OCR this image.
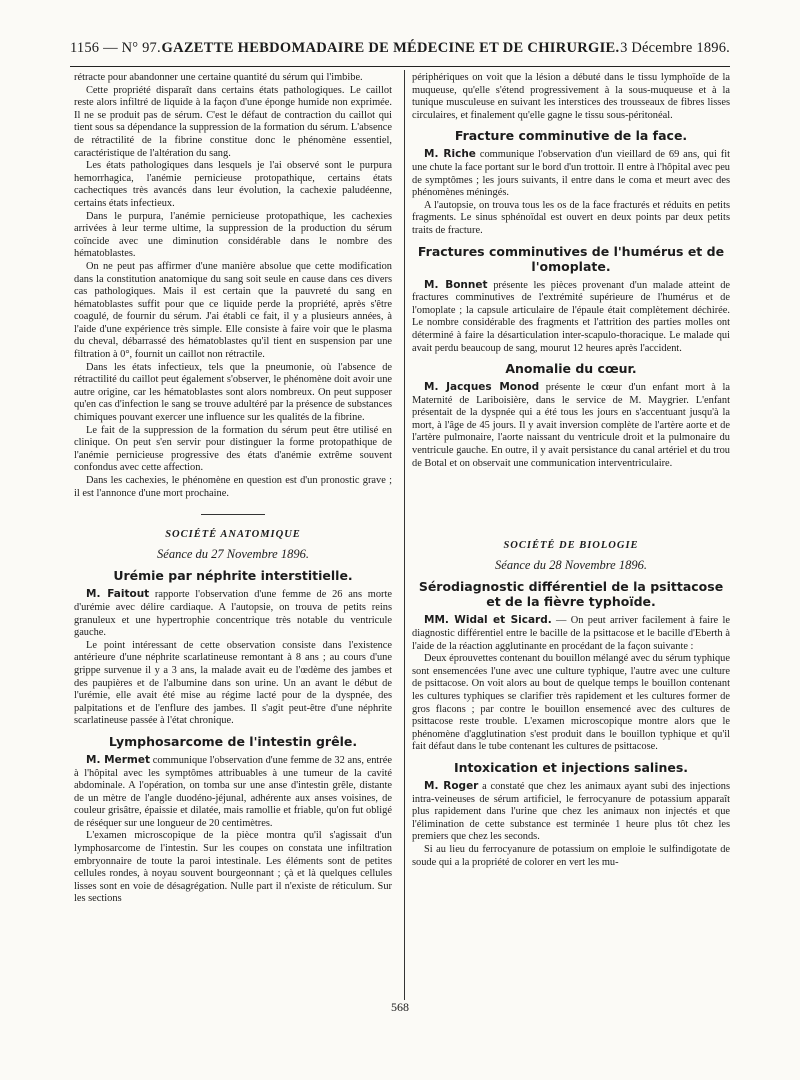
1156 — N° 97. GAZETTE HEBDOMADAIRE DE MÉDECINE ET DE CHIRURGIE. 3 Décembre 1896.

rétracte pour abandonner une certaine quantité du sérum qui l'imbibe.

Cette propriété disparaît dans certains états pathologiques. Le caillot reste alors infiltré de liquide à la façon d'une éponge humide non exprimée. Il ne se produit pas de sérum. C'est le défaut de contraction du caillot qui tient sous sa dépendance la suppression de la formation du sérum. L'absence de rétractilité de la fibrine constitue donc le phénomène essentiel, caractéristique de l'altération du sang.

Les états pathologiques dans lesquels je l'ai observé sont le purpura hemorrhagica, l'anémie pernicieuse protopathique, certains états cachectiques très avancés dans leur évolution, la cachexie paludéenne, certains états infectieux.

Dans le purpura, l'anémie pernicieuse protopathique, les cachexies arrivées à leur terme ultime, la suppression de la production du sérum coïncide avec une diminution considérable dans le nombre des hématoblastes.

On ne peut pas affirmer d'une manière absolue que cette modification dans la constitution anatomique du sang soit seule en cause dans ces divers cas pathologiques. Mais il est certain que la pauvreté du sang en hématoblastes suffit pour que ce liquide perde la propriété, après s'être coagulé, de fournir du sérum. J'ai établi ce fait, il y a plusieurs années, à l'aide d'une expérience très simple. Elle consiste à faire voir que le plasma du cheval, débarrassé des hématoblastes qu'il tient en suspension par une filtration à 0°, fournit un caillot non rétractile.

Dans les états infectieux, tels que la pneumonie, où l'absence de rétractilité du caillot peut également s'observer, le phénomène doit avoir une autre origine, car les hématoblastes sont alors nombreux. On peut supposer qu'en cas d'infection le sang se trouve adultéré par la présence de substances chimiques pouvant exercer une influence sur les qualités de la fibrine.

Le fait de la suppression de la formation du sérum peut être utilisé en clinique. On peut s'en servir pour distinguer la forme protopathique de l'anémie pernicieuse progressive des états d'anémie extrême souvent confondus avec cette affection.

Dans les cachexies, le phénomène en question est d'un pronostic grave ; il est l'annonce d'une mort prochaine.

SOCIÉTÉ ANATOMIQUE
Séance du 27 Novembre 1896.
Urémie par néphrite interstitielle.

M. Faitout rapporte l'observation d'une femme de 26 ans morte d'urémie avec délire cardiaque. A l'autopsie, on trouva de petits reins granuleux et une hypertrophie concentrique très notable du ventricule gauche.

Le point intéressant de cette observation consiste dans l'existence antérieure d'une néphrite scarlatineuse remontant à 8 ans ; au cours d'une grippe survenue il y a 3 ans, la malade avait eu de l'œdème des jambes et des paupières et de l'albumine dans son urine. Un an avant le début de l'urémie, elle avait été mise au régime lacté pour de la dyspnée, des palpitations et de l'enflure des jambes. Il s'agit peut-être d'une néphrite scarlatineuse passée à l'état chronique.

Lymphosarcome de l'intestin grêle.

M. Mermet communique l'observation d'une femme de 32 ans, entrée à l'hôpital avec les symptômes attribuables à une tumeur de la cavité abdominale. A l'opération, on tomba sur une anse d'intestin grêle, distante de un mètre de l'angle duodéno-jéjunal, adhérente aux anses voisines, de couleur grisâtre, épaissie et dilatée, mais ramollie et friable, qu'on fut obligé de réséquer sur une longueur de 20 centimètres.

L'examen microscopique de la pièce montra qu'il s'agissait d'un lymphosarcome de l'intestin. Sur les coupes on constata une infiltration embryonnaire de toute la paroi intestinale. Les éléments sont de petites cellules rondes, à noyau souvent bourgeonnant ; çà et là quelques cellules lisses sont en voie de désagrégation. Nulle part il n'existe de réticulum. Sur les sections

périphériques on voit que la lésion a débuté dans le tissu lymphoïde de la muqueuse, qu'elle s'étend progressivement à la sous-muqueuse et à la tunique musculeuse en suivant les interstices des trousseaux de fibres lisses circulaires, et finalement qu'elle gagne le tissu sous-péritonéal.

Fracture comminutive de la face.

M. Riche communique l'observation d'un vieillard de 69 ans, qui fit une chute la face portant sur le bord d'un trottoir. Il entre à l'hôpital avec peu de symptômes ; les jours suivants, il entre dans le coma et meurt avec des phénomènes méningés.

A l'autopsie, on trouva tous les os de la face fracturés et réduits en petits fragments. Le sinus sphénoïdal est ouvert en deux points par deux petits traits de fracture.

Fractures comminutives de l'humérus et de l'omoplate.

M. Bonnet présente les pièces provenant d'un malade atteint de fractures comminutives de l'extrémité supérieure de l'humérus et de l'omoplate ; la capsule articulaire de l'épaule était complètement déchirée. Le nombre considérable des fragments et l'attrition des parties molles ont déterminé à faire la désarticulation inter-scapulo-thoracique. Le malade qui avait perdu beaucoup de sang, mourut 12 heures après l'accident.

Anomalie du cœur.

M. Jacques Monod présente le cœur d'un enfant mort à la Maternité de Lariboisière, dans le service de M. Maygrier. L'enfant présentait de la dyspnée qui a été tous les jours en s'accentuant jusqu'à la mort, à l'âge de 45 jours. Il y avait inversion complète de l'artère aorte et de l'artère pulmonaire, l'aorte naissant du ventricule droit et la pulmonaire du ventricule gauche. En outre, il y avait persistance du canal artériel et du trou de Botal et on observait une communication interventriculaire.

SOCIÉTÉ DE BIOLOGIE
Séance du 28 Novembre 1896.
Sérodiagnostic différentiel de la psittacose et de la fièvre typhoïde.

MM. Widal et Sicard. — On peut arriver facilement à faire le diagnostic différentiel entre le bacille de la psittacose et le bacille d'Eberth à l'aide de la réaction agglutinante en procédant de la façon suivante :

Deux éprouvettes contenant du bouillon mélangé avec du sérum typhique sont ensemencées l'une avec une culture typhique, l'autre avec une culture de psittacose. On voit alors au bout de quelque temps le bouillon contenant les cultures typhiques se clarifier très rapidement et les cultures former de gros flacons ; par contre le bouillon ensemencé avec des cultures de psittacose reste trouble. L'examen microscopique montre alors que le phénomène d'agglutination s'est produit dans le bouillon typhique et qu'il fait défaut dans le tube contenant les cultures de psittacose.

Intoxication et injections salines.

M. Roger a constaté que chez les animaux ayant subi des injections intra-veineuses de sérum artificiel, le ferrocyanure de potassium apparaît plus rapidement dans l'urine que chez les animaux non injectés et que l'élimination de cette substance est terminée 1 heure plus tôt chez les premiers que chez les seconds.

Si au lieu du ferrocyanure de potassium on emploie le sulfindigotate de soude qui a la propriété de colorer en vert les mu-

568
